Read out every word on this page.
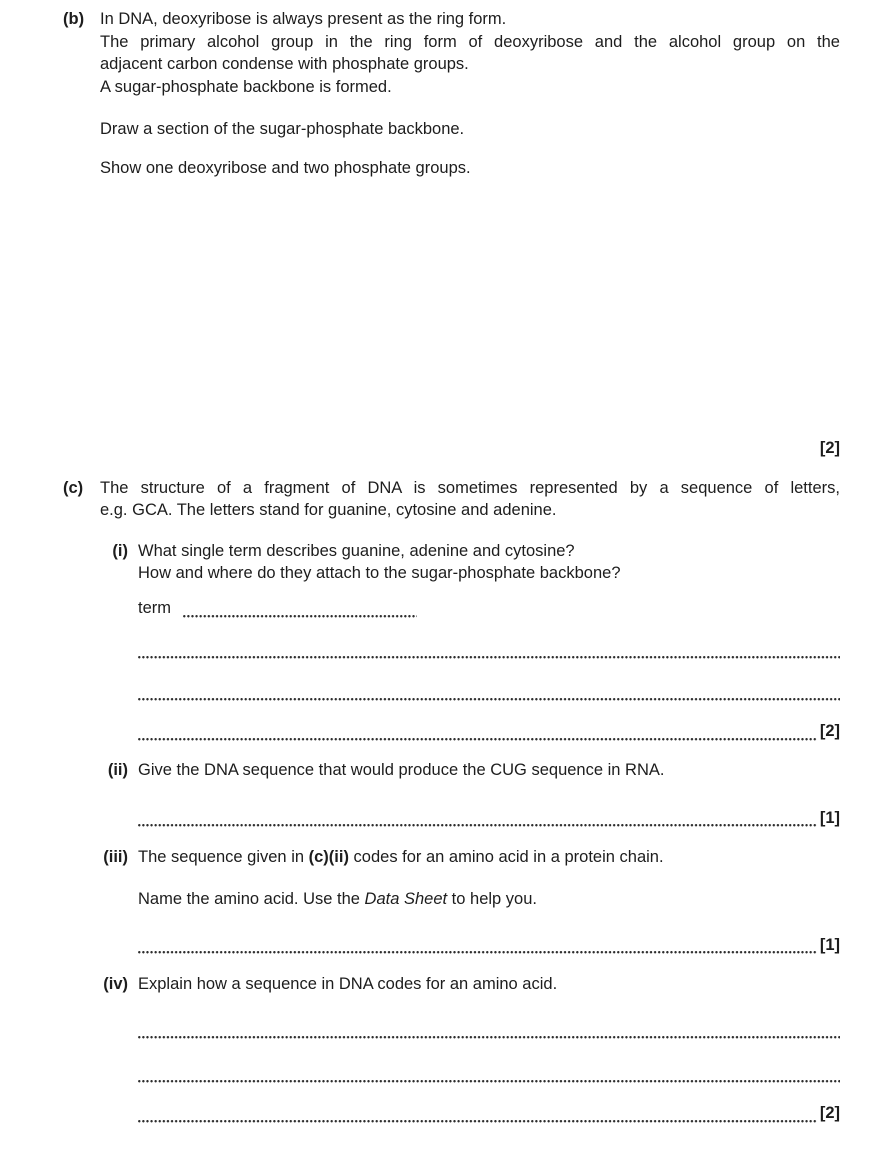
(b) In DNA, deoxyribose is always present as the ring form.
The primary alcohol group in the ring form of deoxyribose and the alcohol group on the
adjacent carbon condense with phosphate groups.
A sugar-phosphate backbone is formed.
Draw a section of the sugar-phosphate backbone.
Show one deoxyribose and two phosphate groups.
[2]
(c)	The structure of a fragment of DNA is sometimes represented by a sequence of letters,
e.g. GCA. The letters stand for guanine, cytosine and adenine.
(i) What single term describes guanine, adenine and cytosine?
How and where do they attach to the sugar-phosphate backbone?
term
[2]
(ii) Give the DNA sequence that would produce the CUG sequence in RNA.
[1]
(iii) The sequence given in (c)(ii) codes for an amino acid in a protein chain.
Name the amino acid. Use the Data Sheet to help you.
[1]
(iv) Explain how a sequence in DNA codes for an amino acid.
[2]
